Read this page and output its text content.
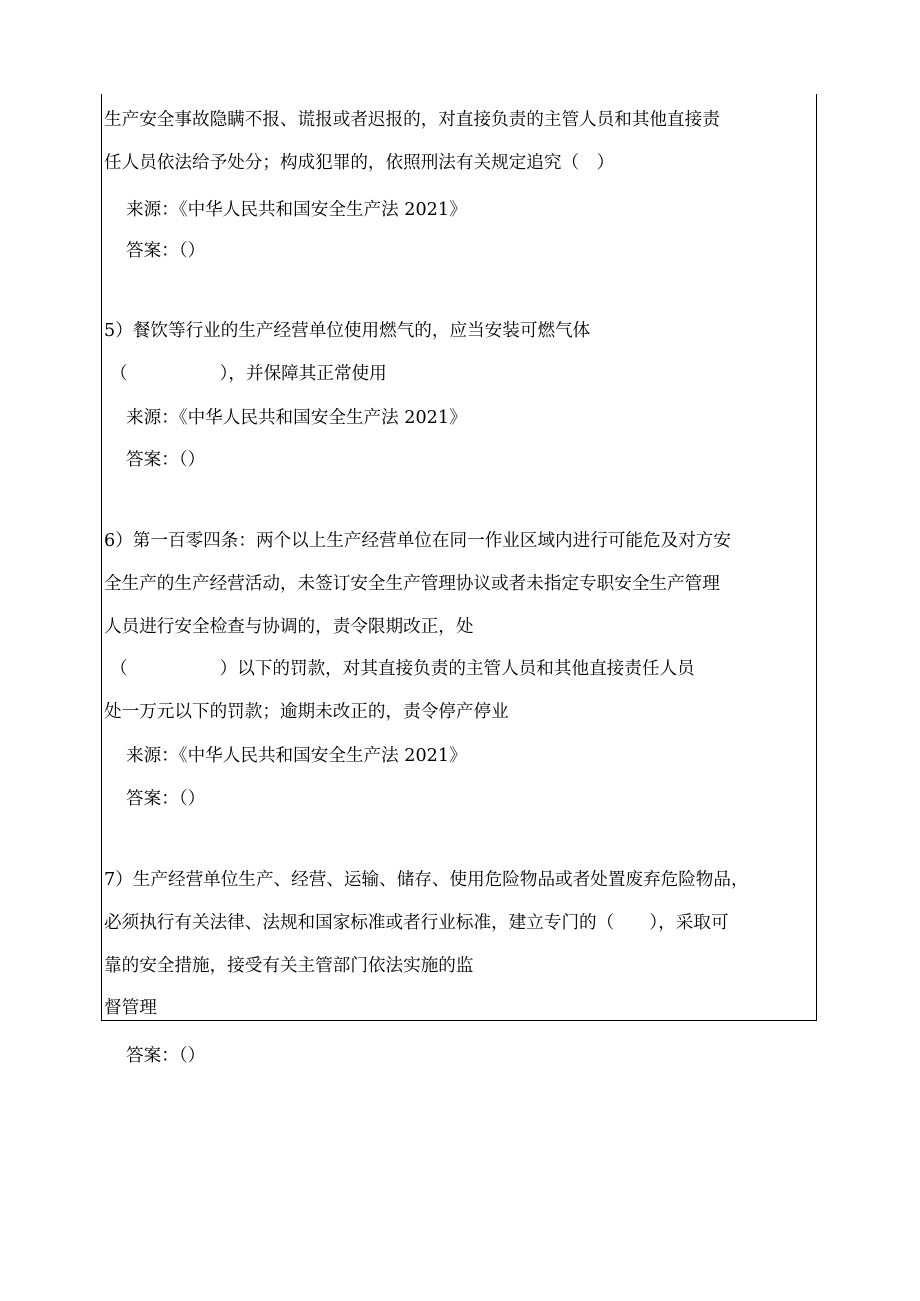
生产安全事故隐瞒不报、谎报或者迟报的，对直接负责的主管人员和其他直接责
任人员依法给予处分；构成犯罪的，依照刑法有关规定追究（　）
来源：《中华人民共和国安全生产法 2021》
答案：（）
5）餐饮等行业的生产经营单位使用燃气的，应当安装可燃气体
（	），并保障其正常使用
来源：《中华人民共和国安全生产法 2021》
答案：（）
6）第一百零四条：两个以上生产经营单位在同一作业区域内进行可能危及对方安
全生产的生产经营活动，未签订安全生产管理协议或者未指定专职安全生产管理
人员进行安全检查与协调的，责令限期改正，处
（	）以下的罚款，对其直接负责的主管人员和其他直接责任人员
处一万元以下的罚款；逾期未改正的，责令停产停业
来源：《中华人民共和国安全生产法 2021》
答案：（）
7）生产经营单位生产、经营、运输、储存、使用危险物品或者处置废弃危险物品，
必须执行有关法律、法规和国家标准或者行业标准，建立专门的（　　），采取可
靠的安全措施，接受有关主管部门依法实施的监
督管理
答案：（）
